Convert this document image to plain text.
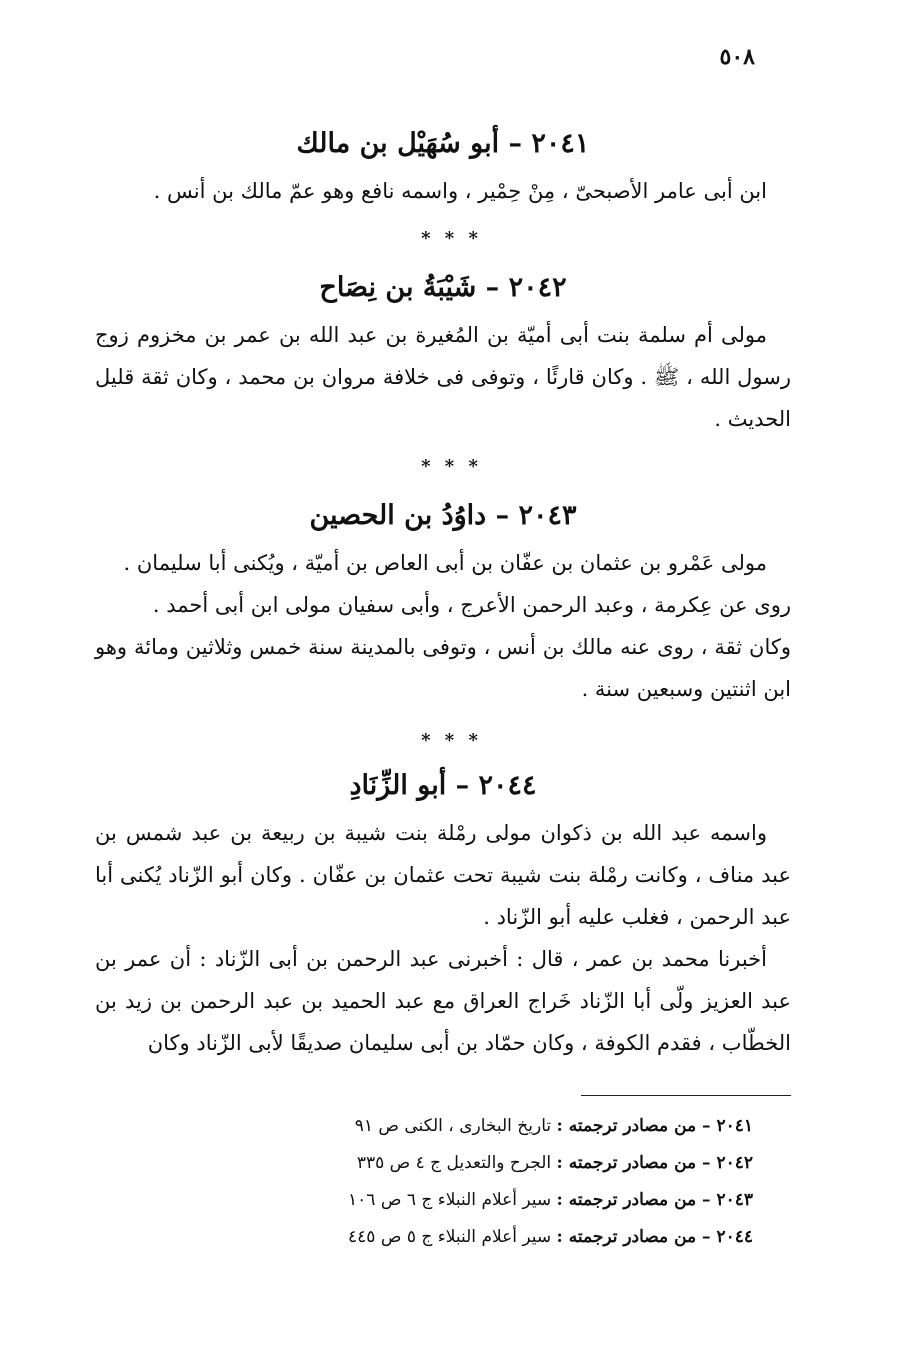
٥٠٨
٢٠٤١ – أبو سُهَيْل بن مالك

ابن أبى عامر الأصبحىّ ، مِنْ حِمْير ، واسمه نافع وهو عمّ مالك بن أنس .

* * *
٢٠٤٢ – شَيْبَةُ بن نِصَاح

مولى أم سلمة بنت أبى أميّة بن المُغيرة بن عبد الله بن عمر بن مخزوم زوج رسول الله ، ﷺ . وكان قارئًا ، وتوفى فى خلافة مروان بن محمد ، وكان ثقة قليل الحديث .

* * *
٢٠٤٣ – داوُدُ بن الحصين

مولى عَمْرو بن عثمان بن عفّان بن أبى العاص بن أميّة ، ويُكنى أبا سليمان .

روى عن عِكرمة ، وعبد الرحمن الأعرج ، وأبى سفيان مولى ابن أبى أحمد .

وكان ثقة ، روى عنه مالك بن أنس ، وتوفى بالمدينة سنة خمس وثلاثين ومائة وهو ابن اثنتين وسبعين سنة .

* * *
٢٠٤٤ – أبو الزِّنَادِ

واسمه عبد الله بن ذكوان مولى رمْلة بنت شيبة بن ربيعة بن عبد شمس بن عبد مناف ، وكانت رمْلة بنت شيبة تحت عثمان بن عفّان . وكان أبو الزّناد يُكنى أبا عبد الرحمن ، فغلب عليه أبو الزّناد .

أخبرنا محمد بن عمر ، قال : أخبرنى عبد الرحمن بن أبى الزّناد : أن عمر بن عبد العزيز ولّى أبا الزّناد خَراج العراق مع عبد الحميد بن عبد الرحمن بن زيد بن الخطّاب ، فقدم الكوفة ، وكان حمّاد بن أبى سليمان صديقًا لأبى الزّناد وكان

٢٠٤١ – من مصادر ترجمته : تاريخ البخارى ، الكنى ص ٩١

٢٠٤٢ – من مصادر ترجمته : الجرح والتعديل ج ٤ ص ٣٣٥

٢٠٤٣ – من مصادر ترجمته : سير أعلام النبلاء ج ٦ ص ١٠٦

٢٠٤٤ – من مصادر ترجمته : سير أعلام النبلاء ج ٥ ص ٤٤٥
